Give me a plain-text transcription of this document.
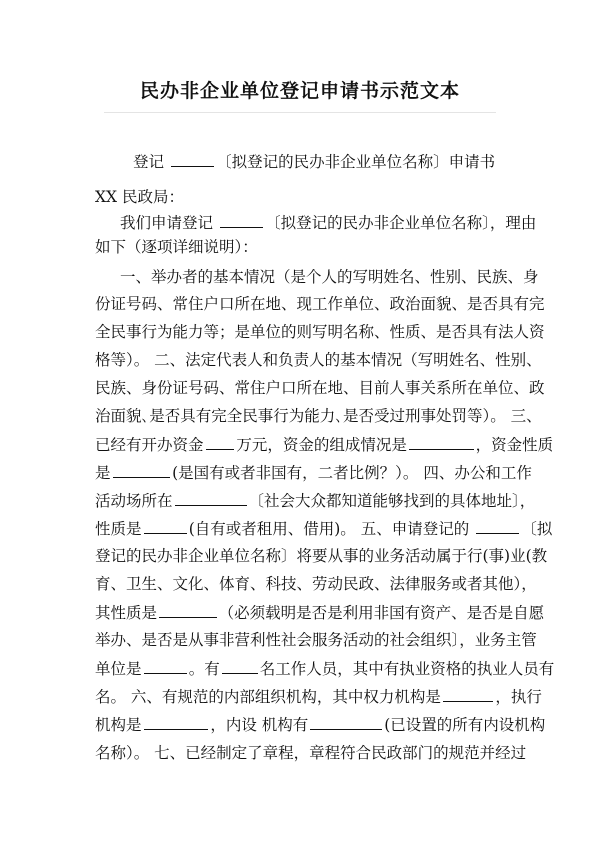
民办非企业单位登记申请书示范文本
登记	〔拟登记的民办非企业单位名称〕申请书
XX 民政局：
我们申请登记	〔拟登记的民办非企业单位名称〕，理由
如下（逐项详细说明）：
一、举办者的基本情况（是个人的写明姓名、性别、民族、身
份证号码、常住户口所在地、现工作单位、政治面貌、是否具有完
全民事行为能力等；是单位的则写明名称、性质、是否具有法人资
格等）。 二、法定代表人和负责人的基本情况（写明姓名、性别、
民族、身份证号码、常住户口所在地、目前人事关系所在单位、政
治面貌､是否具有完全民事行为能力､是否受过刑事处罚等）。 三、
已经有开办资金 万元，资金的组成情况是	，资金性质
是	(是国有或者非国有，二者比例？）。 四、办公和工作
活动场所在	〔社会大众都知道能够找到的具体地址〕，
性质是	(自有或者租用、借用)。 五、申请登记的	〔拟
登记的民办非企业单位名称〕将要从事的业务活动属于行(事)业(教
育、卫生、文化、体育、科技、劳动民政、法律服务或者其他），
其性质是	（必须载明是否是利用非国有资产、是否是自愿
举办、是否是从事非营利性社会服务活动的社会组织〕，业务主管
单位是	。有	名工作人员，其中有执业资格的执业人员有
名。 六、有规范的内部组织机构，其中权力机构是	，执行
机构是	，内设 机构有	(已设置的所有内设机构
名称）。 七、已经制定了章程，章程符合民政部门的规范并经过
